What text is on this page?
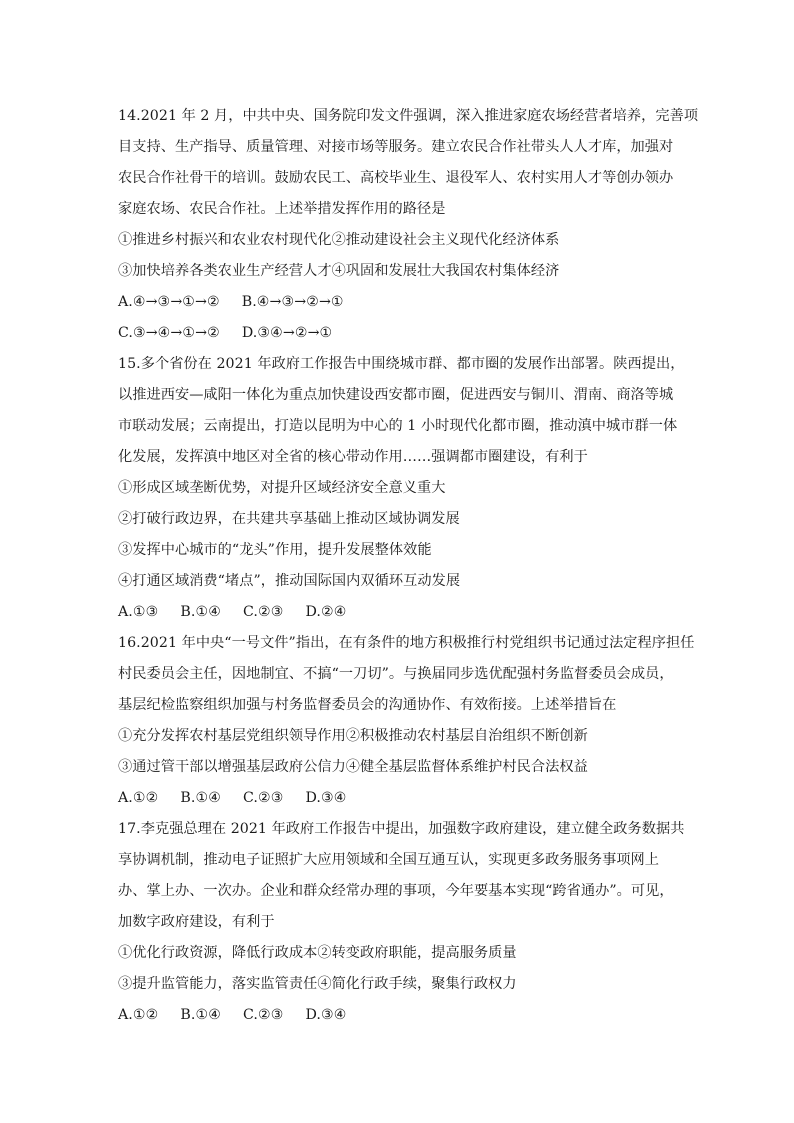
14.2021 年 2 月，中共中央、国务院印发文件强调，深入推进家庭农场经营者培养，完善项
目支持、生产指导、质量管理、对接市场等服务。建立农民合作社带头人人才库，加强对
农民合作社骨干的培训。鼓励农民工、高校毕业生、退役军人、农村实用人才等创办领办
家庭农场、农民合作社。上述举措发挥作用的路径是
①推进乡村振兴和农业农村现代化②推动建设社会主义现代化经济体系
③加快培养各类农业生产经营人才④巩固和发展壮大我国农村集体经济
A.④→③→①→② B.④→③→②→①
C.③→④→①→② D.③④→②→①
15.多个省份在 2021 年政府工作报告中围绕城市群、都市圈的发展作出部署。陕西提出，
以推进西安—咸阳一体化为重点加快建设西安都市圈，促进西安与铜川、渭南、商洛等城
市联动发展；云南提出，打造以昆明为中心的 1 小时现代化都市圈，推动滇中城市群一体
化发展，发挥滇中地区对全省的核心带动作用……强调都市圈建设，有利于
①形成区域垄断优势，对提升区域经济安全意义重大
②打破行政边界，在共建共享基础上推动区域协调发展
③发挥中心城市的“龙头”作用，提升发展整体效能
④打通区域消费“堵点”，推动国际国内双循环互动发展
A.①③ B.①④ C.②③ D.②④
16.2021 年中央“一号文件”指出，在有条件的地方积极推行村党组织书记通过法定程序担任
村民委员会主任，因地制宜、不搞“一刀切”。与换届同步选优配强村务监督委员会成员，
基层纪检监察组织加强与村务监督委员会的沟通协作、有效衔接。上述举措旨在
①充分发挥农村基层党组织领导作用②积极推动农村基层自治组织不断创新
③通过管干部以增强基层政府公信力④健全基层监督体系维护村民合法权益
A.①② B.①④ C.②③ D.③④
17.李克强总理在 2021 年政府工作报告中提出，加强数字政府建设，建立健全政务数据共
享协调机制，推动电子证照扩大应用领域和全国互通互认，实现更多政务服务事项网上
办、掌上办、一次办。企业和群众经常办理的事项，今年要基本实现“跨省通办”。可见，
加数字政府建设，有利于
①优化行政资源，降低行政成本②转变政府职能，提高服务质量
③提升监管能力，落实监管责任④简化行政手续，聚集行政权力
A.①② B.①④ C.②③ D.③④
